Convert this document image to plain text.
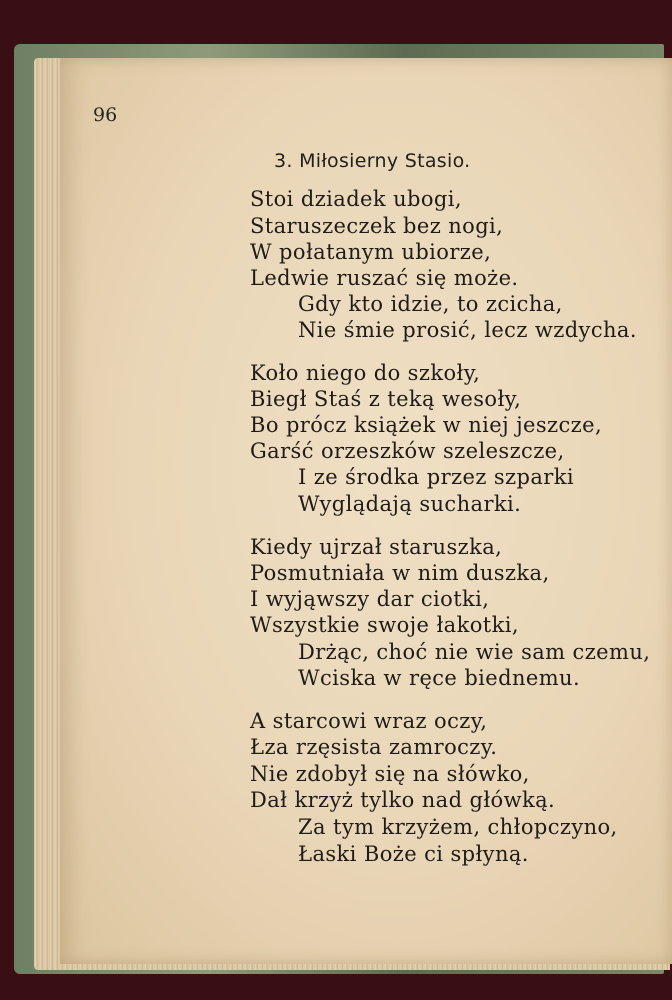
96
3. Miłosierny Stasio.
Stoi dziadek ubogi,
Staruszeczek bez nogi,
W połatanym ubiorze,
Ledwie ruszać się może.
Gdy kto idzie, to zcicha,
Nie śmie prosić, lecz wzdycha.
Koło niego do szkoły,
Biegł Staś z teką wesoły,
Bo prócz książek w niej jeszcze,
Garść orzeszków szeleszcze,
I ze środka przez szparki
Wyglądają sucharki.
Kiedy ujrzał staruszka,
Posmutniała w nim duszka,
I wyjąwszy dar ciotki,
Wszystkie swoje łakotki,
Drżąc, choć nie wie sam czemu,
Wciska w ręce biednemu.
A starcowi wraz oczy,
Łza rzęsista zamroczy.
Nie zdobył się na słówko,
Dał krzyż tylko nad główką.
Za tym krzyżem, chłopczyno,
Łaski Boże ci spłyną.
